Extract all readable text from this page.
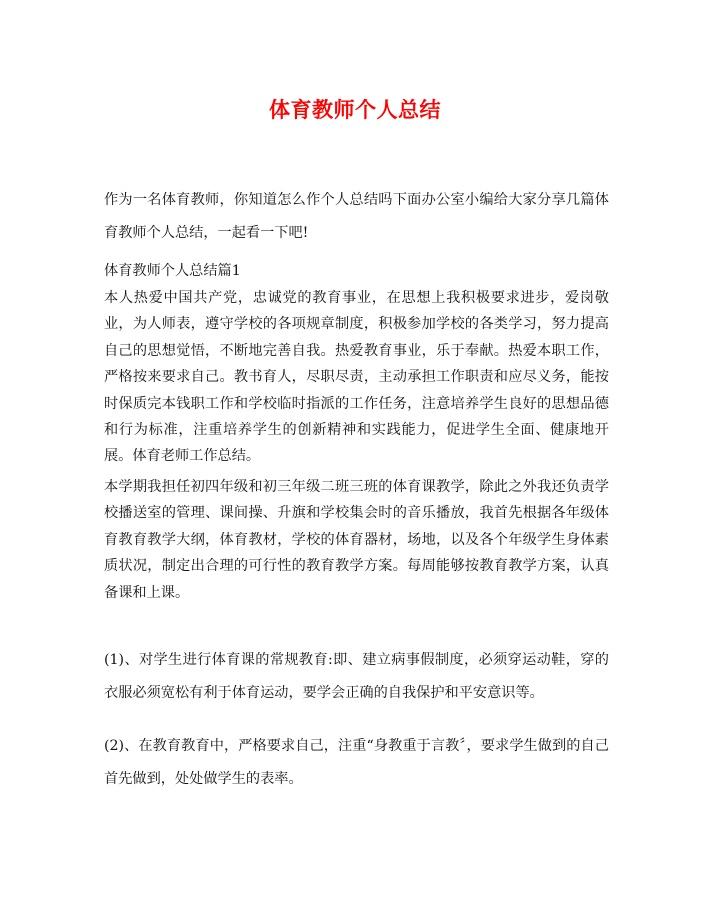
体育教师个人总结
作为一名体育教师，你知道怎么作个人总结吗下面办公室小编给大家分享几篇体育教师个人总结，一起看一下吧!
体育教师个人总结篇1
本人热爱中国共产党，忠诚党的教育事业，在思想上我积极要求进步，爱岗敬业，为人师表，遵守学校的各项规章制度，积极参加学校的各类学习，努力提高自己的思想觉悟，不断地完善自我。热爱教育事业，乐于奉献。热爱本职工作，严格按来要求自己。教书育人，尽职尽责，主动承担工作职责和应尽义务，能按时保质完本钱职工作和学校临时指派的工作任务，注意培养学生良好的思想品德和行为标准，注重培养学生的创新精神和实践能力，促进学生全面、健康地开展。体育老师工作总结。
本学期我担任初四年级和初三年级二班三班的体育课教学，除此之外我还负责学校播送室的管理、课间操、升旗和学校集会时的音乐播放，我首先根据各年级体育教育教学大纲，体育教材，学校的体育器材，场地，以及各个年级学生身体素质状况，制定出合理的可行性的教育教学方案。每周能够按教育教学方案，认真备课和上课。
(1)、对学生进行体育课的常规教育:即、建立病事假制度，必须穿运动鞋，穿的衣服必须宽松有利于体育运动，要学会正确的自我保护和平安意识等。
(2)、在教育教育中，严格要求自己，注重“身教重于言教〞，要求学生做到的自己首先做到，处处做学生的表率。
